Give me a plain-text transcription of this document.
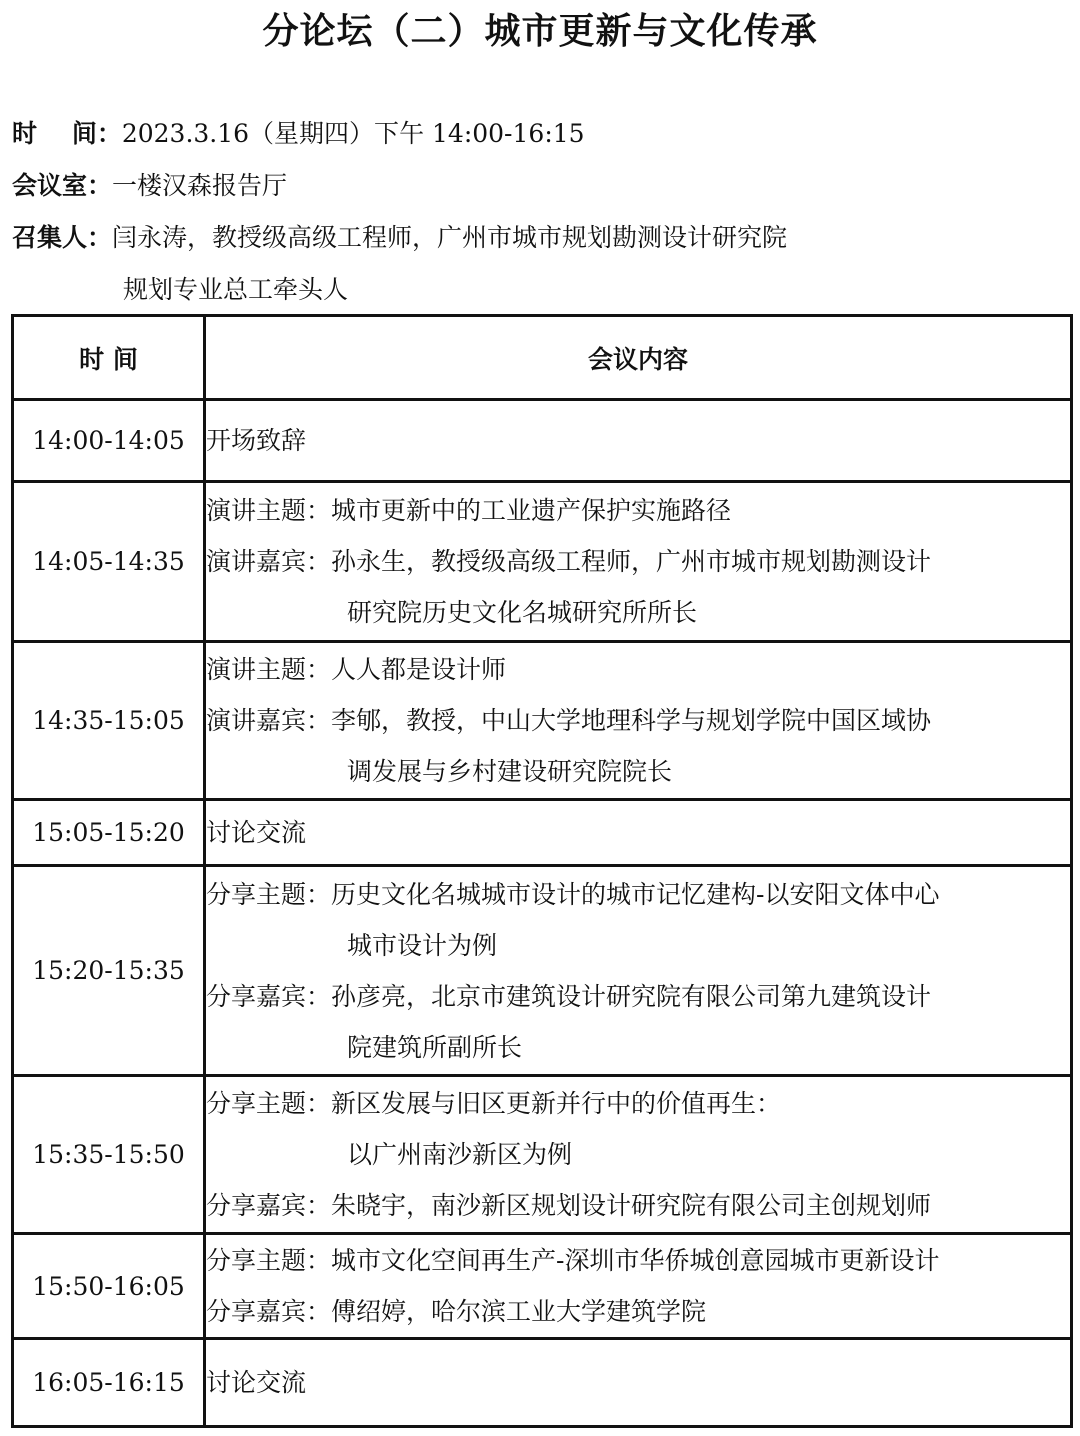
分论坛（二）城市更新与文化传承
时    间：2023.3.16（星期四）下午 14:00-16:15
会议室：一楼汉森报告厅
召集人：闫永涛，教授级高级工程师，广州市城市规划勘测设计研究院
规划专业总工牵头人
时 间	会议内容
14:00-14:05	开场致辞

14:05-14:35	演讲主题：城市更新中的工业遗产保护实施路径
演讲嘉宾：孙永生，教授级高级工程师，广州市城市规划勘测设计
研究院历史文化名城研究所所长

14:35-15:05	演讲主题：人人都是设计师
演讲嘉宾：李郇，教授，中山大学地理科学与规划学院中国区域协
调发展与乡村建设研究院院长

15:05-15:20	讨论交流

15:20-15:35	分享主题：历史文化名城城市设计的城市记忆建构-以安阳文体中心
城市设计为例
分享嘉宾：孙彦亮，北京市建筑设计研究院有限公司第九建筑设计
院建筑所副所长

15:35-15:50	分享主题：新区发展与旧区更新并行中的价值再生：
以广州南沙新区为例
分享嘉宾：朱晓宇，南沙新区规划设计研究院有限公司主创规划师

15:50-16:05	分享主题：城市文化空间再生产-深圳市华侨城创意园城市更新设计
分享嘉宾：傅绍婷，哈尔滨工业大学建筑学院

16:05-16:15	讨论交流
